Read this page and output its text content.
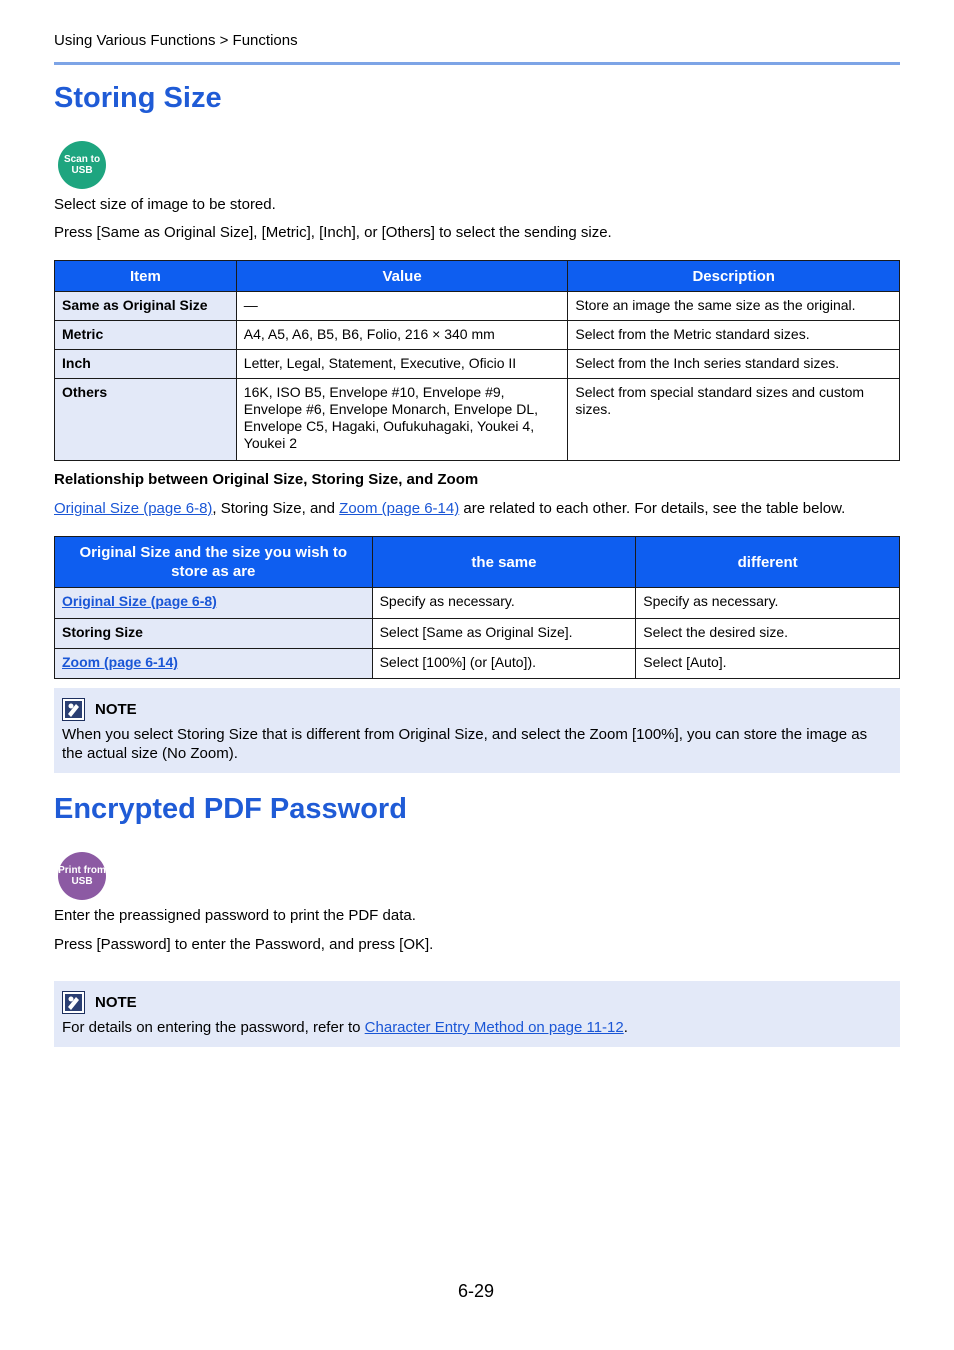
Using Various Functions > Functions
Storing Size
Scan to
USB
Select size of image to be stored.
Press [Same as Original Size], [Metric], [Inch], or [Others] to select the sending size.
Item	Value	Description
Same as Original Size	—	Store an image the same size as the original.
Metric	A4, A5, A6, B5, B6, Folio, 216 × 340 mm	Select from the Metric standard sizes.
Inch	Letter, Legal, Statement, Executive, Oficio II	Select from the Inch series standard sizes.
Others	16K, ISO B5, Envelope #10, Envelope #9, Envelope #6, Envelope Monarch, Envelope DL, Envelope C5, Hagaki, Oufukuhagaki, Youkei 4, Youkei 2	Select from special standard sizes and custom sizes.
Relationship between Original Size, Storing Size, and Zoom
Original Size (page 6-8), Storing Size, and Zoom (page 6-14) are related to each other. For details, see the table below.
Original Size and the size you wish to store as are	the same	different
Original Size (page 6-8)	Specify as necessary.	Specify as necessary.
Storing Size	Select [Same as Original Size].	Select the desired size.
Zoom (page 6-14)	Select [100%] (or [Auto]).	Select [Auto].
NOTE
When you select Storing Size that is different from Original Size, and select the Zoom [100%], you can store the image as the actual size (No Zoom).
Encrypted PDF Password
Print from
USB
Enter the preassigned password to print the PDF data.
Press [Password] to enter the Password, and press [OK].
NOTE
For details on entering the password, refer to Character Entry Method on page 11-12.
6-29
